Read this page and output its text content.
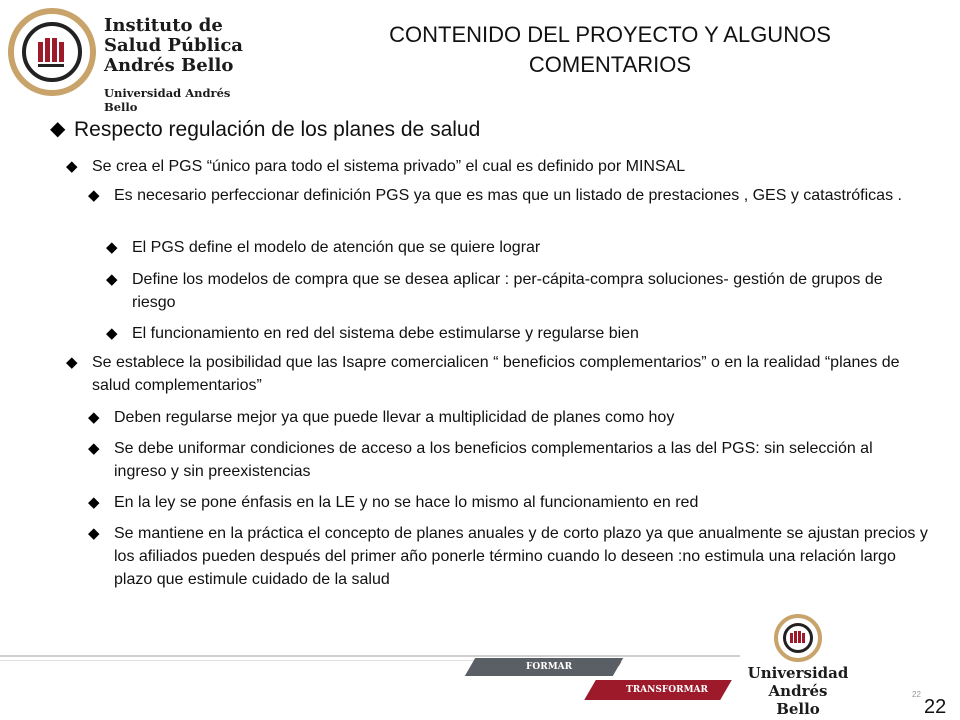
Instituto de
Salud Pública
Andrés Bello
Universidad Andrés Bello
CONTENIDO DEL PROYECTO Y ALGUNOS
COMENTARIOS
◆ Respecto regulación de los planes de salud
◆ Se crea el PGS “único para todo el sistema privado” el cual es definido por MINSAL
◆ Es necesario perfeccionar definición PGS ya que es mas que un listado de prestaciones , GES y catastróficas .
◆ El PGS define el modelo de atención que se quiere lograr
◆ Define los modelos de compra que se desea aplicar : per-cápita-compra soluciones- gestión de grupos de riesgo
◆ El funcionamiento en red del sistema debe estimularse y regularse bien
◆ Se establece la posibilidad que las Isapre comercialicen “ beneficios complementarios” o en la realidad “planes de salud complementarios”
◆ Deben regularse mejor ya que puede llevar a multiplicidad de planes como hoy
◆ Se debe uniformar condiciones de acceso a los beneficios complementarios a las del PGS: sin selección al ingreso y sin preexistencias
◆ En la ley se pone énfasis en la LE y no se hace lo mismo al funcionamiento en red
◆ Se mantiene en la práctica el concepto de planes anuales y de corto plazo ya que anualmente se ajustan precios y los afiliados pueden después del primer año ponerle término cuando lo deseen :no estimula una relación largo plazo que estimule cuidado de la salud
FORMAR
TRANSFORMAR
Universidad
Andrés Bello
22
22
